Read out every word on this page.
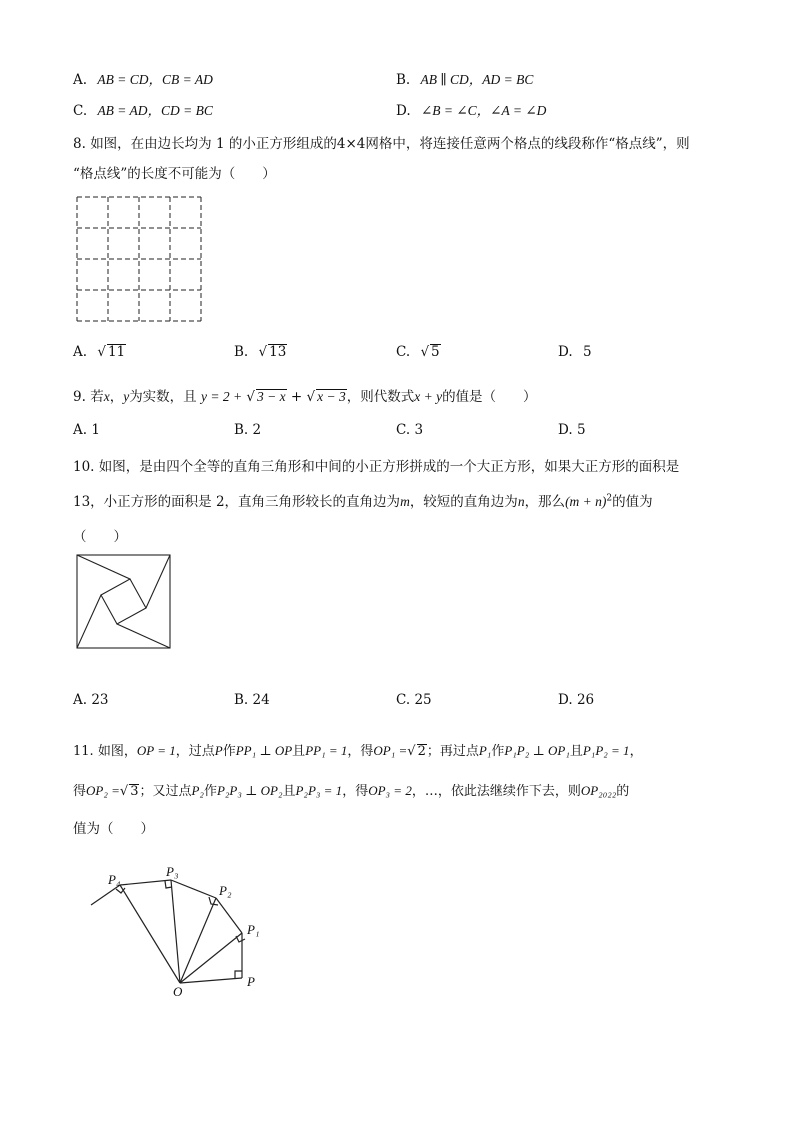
A. AB = CD，CB = AD	B. AB ∥ CD，AD = BC
C. AB = AD，CD = BC	D. ∠B = ∠C，∠A = ∠D
8. 如图，在由边长均为 1 的小正方形组成的4×4网格中，将连接任意两个格点的线段称作“格点线”，则
“格点线”的长度不可能为（　　）
A. √ 11	B. √ 13	C. √ 5	D. 5
9. 若x，y为实数，且 y = 2 + √ 3 − x + √ x − 3，则代数式x + y的值是（　　）
A. 1	B. 2	C. 3	D. 5
10. 如图，是由四个全等的直角三角形和中间的小正方形拼成的一个大正方形，如果大正方形的面积是
13，小正方形的面积是 2，直角三角形较长的直角边为m，较短的直角边为n，那么$(m + n)^2$的值为
（　　）
A. 23	B. 24	C. 25	D. 26
11. 如图，OP = 1，过点P作PP₁ ⊥ OP且PP₁ = 1，得OP₁ =√ 2；再过点P₁作P₁P₂ ⊥ OP₁且P₁P₂ = 1，
得OP₂ =√ 3；又过点P₂作P₂P₃ ⊥ OP₂且P₂P₃ = 1，得OP₃ = 2，…，依此法继续作下去，则OP₂₀₂₂的
值为（　　）
O
P
P₁
P₂
P₃
P₄
